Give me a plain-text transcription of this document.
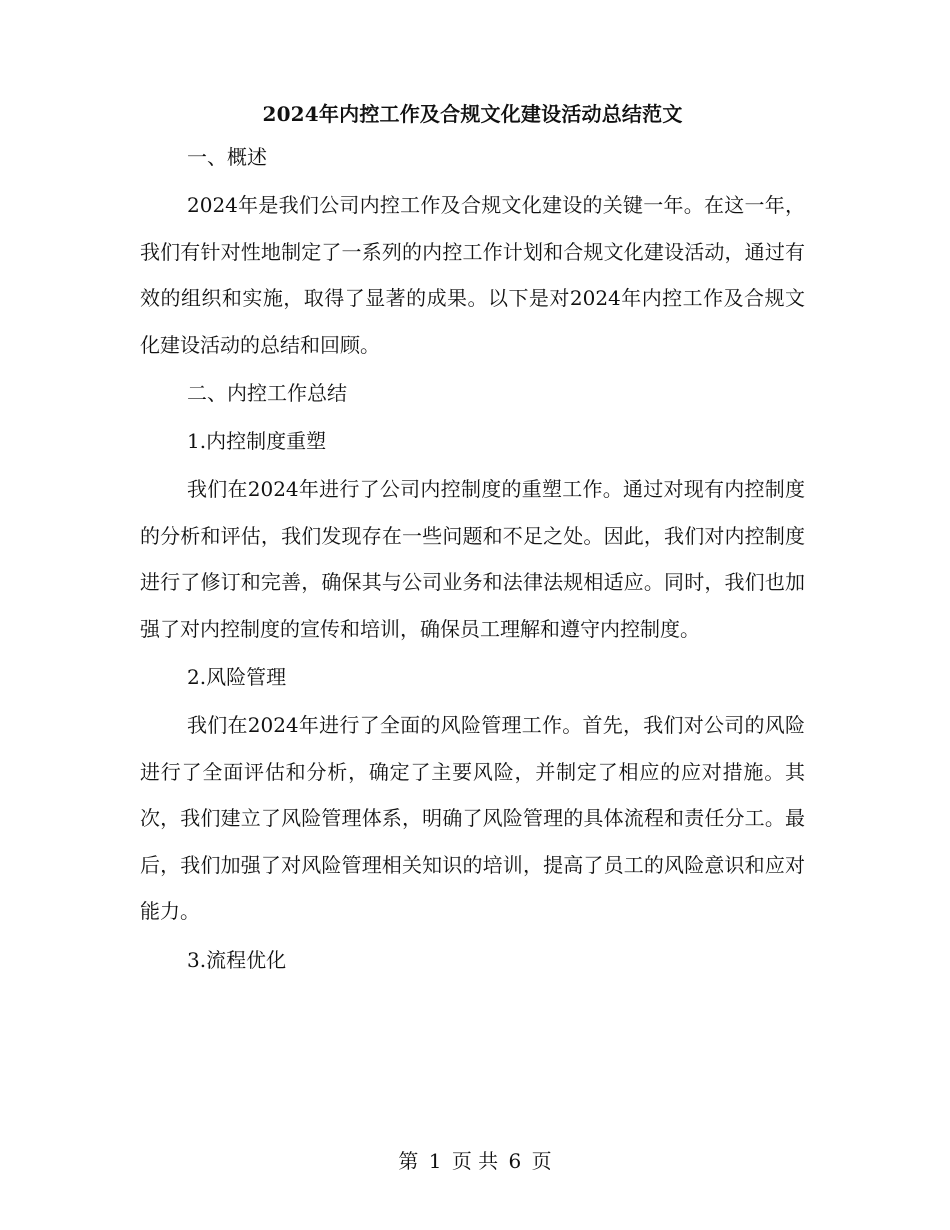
2024年内控工作及合规文化建设活动总结范文
一、概述

2024年是我们公司内控工作及合规文化建设的关键一年。在这一年，我们有针对性地制定了一系列的内控工作计划和合规文化建设活动，通过有效的组织和实施，取得了显著的成果。以下是对2024年内控工作及合规文化建设活动的总结和回顾。

二、内控工作总结
1.内控制度重塑

我们在2024年进行了公司内控制度的重塑工作。通过对现有内控制度的分析和评估，我们发现存在一些问题和不足之处。因此，我们对内控制度进行了修订和完善，确保其与公司业务和法律法规相适应。同时，我们也加强了对内控制度的宣传和培训，确保员工理解和遵守内控制度。

2.风险管理

我们在2024年进行了全面的风险管理工作。首先，我们对公司的风险进行了全面评估和分析，确定了主要风险，并制定了相应的应对措施。其次，我们建立了风险管理体系，明确了风险管理的具体流程和责任分工。最后，我们加强了对风险管理相关知识的培训，提高了员工的风险意识和应对能力。

3.流程优化
第 1 页 共 6 页
